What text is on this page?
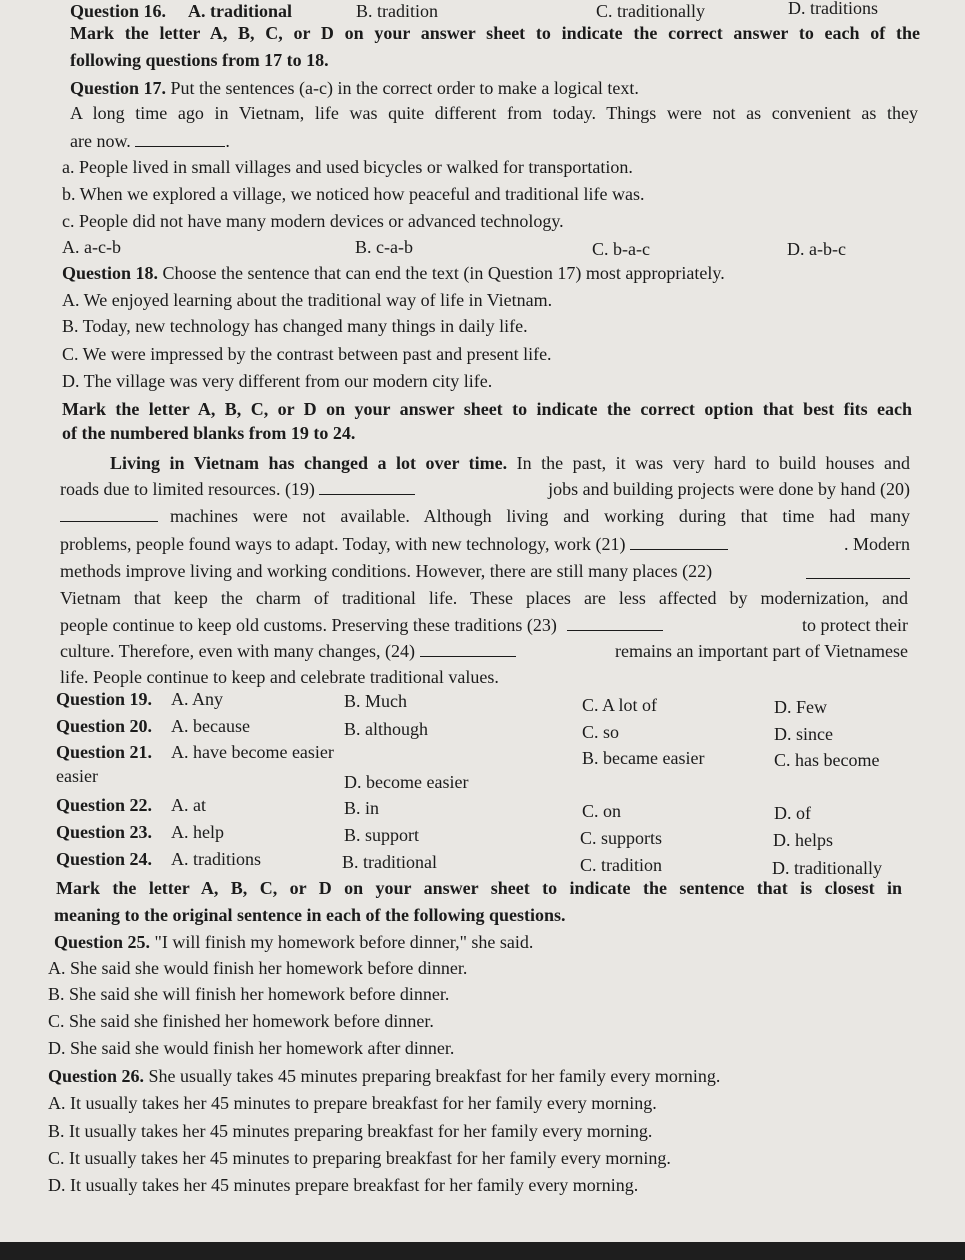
Question 16. A. traditional	B. tradition	C. traditionally	D. traditions
Mark the letter A, B, C, or D on your answer sheet to indicate the correct answer to each of the
following questions from 17 to 18.
Question 17. Put the sentences (a-c) in the correct order to make a logical text.
A long time ago in Vietnam, life was quite different from today. Things were not as convenient as they
are now.	.
a. People lived in small villages and used bicycles or walked for transportation.
b. When we explored a village, we noticed how peaceful and traditional life was.
c. People did not have many modern devices or advanced technology.
A. a-c-b	B. c-a-b	C. b-a-c	D. a-b-c
Question 18. Choose the sentence that can end the text (in Question 17) most appropriately.
A. We enjoyed learning about the traditional way of life in Vietnam.
B. Today, new technology has changed many things in daily life.
C. We were impressed by the contrast between past and present life.
D. The village was very different from our modern city life.
Mark the letter A, B, C, or D on your answer sheet to indicate the correct option that best fits each
of the numbered blanks from 19 to 24.
Living in Vietnam has changed a lot over time. In the past, it was very hard to build houses and
roads due to limited resources. (19)	jobs and building projects were done by hand (20)
machines were not available. Although living and working during that time had many
problems, people found ways to adapt. Today, with new technology, work (21)	. Modern
methods improve living and working conditions. However, there are still many places (22)
Vietnam that keep the charm of traditional life. These places are less affected by modernization, and
people continue to keep old customs. Preserving these traditions (23)	to protect their
culture. Therefore, even with many changes, (24)	remains an important part of Vietnamese
life. People continue to keep and celebrate traditional values.
Question 19. A. Any	B. Much	C. A lot of	D. Few
Question 20. A. because	B. although	C. so	D. since
Question 21. A. have become easier	B. became easier	C. has become
easier	D. become easier
Question 22. A. at	B. in	C. on	D. of
Question 23. A. help	B. support	C. supports	D. helps
Question 24. A. traditions	B. traditional	C. tradition	D. traditionally
Mark the letter A, B, C, or D on your answer sheet to indicate the sentence that is closest in
meaning to the original sentence in each of the following questions.
Question 25. "I will finish my homework before dinner," she said.
A. She said she would finish her homework before dinner.
B. She said she will finish her homework before dinner.
C. She said she finished her homework before dinner.
D. She said she would finish her homework after dinner.
Question 26. She usually takes 45 minutes preparing breakfast for her family every morning.
A. It usually takes her 45 minutes to prepare breakfast for her family every morning.
B. It usually takes her 45 minutes preparing breakfast for her family every morning.
C. It usually takes her 45 minutes to preparing breakfast for her family every morning.
D. It usually takes her 45 minutes prepare breakfast for her family every morning.
